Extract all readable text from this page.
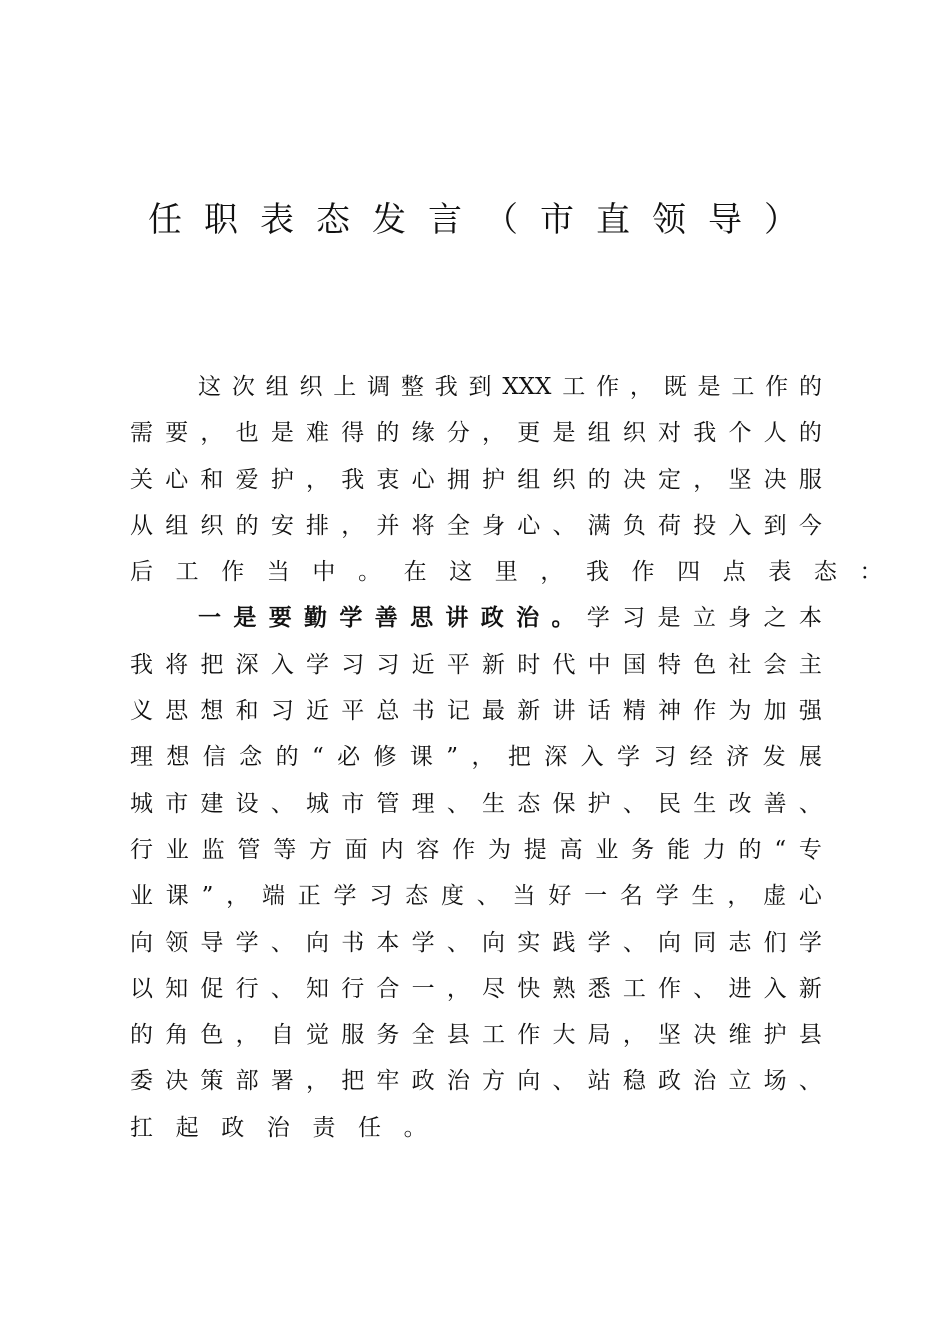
任职表态发言（市直领导）
这 次 组 织 上 调 整 我 到 XXX 工 作 ， 既 是 工 作 的
需 要 ， 也 是 难 得 的 缘 分 ， 更 是 组 织 对 我 个 人 的
关 心 和 爱 护 ， 我 衷 心 拥 护 组 织 的 决 定 ， 坚 决 服
从 组 织 的 安 排 ， 并 将 全 身 心 、 满 负 荷 投 入 到 今
后 工 作 当 中 。 在 这 里 ， 我 作 四 点 表 态 ：
一 是 要 勤 学 善 思 讲 政 治 。 学 习 是 立 身 之 本
我 将 把 深 入 学 习 习 近 平 新 时 代 中 国 特 色 社 会 主
义 思 想 和 习 近 平 总 书 记 最 新 讲 话 精 神 作 为 加 强
理 想 信 念 的 “ 必 修 课 ” ， 把 深 入 学 习 经 济 发 展
城 市 建 设 、 城 市 管 理 、 生 态 保 护 、 民 生 改 善 、
行 业 监 管 等 方 面 内 容 作 为 提 高 业 务 能 力 的 “ 专
业 课 ” ， 端 正 学 习 态 度 、 当 好 一 名 学 生 ， 虚 心
向 领 导 学 、 向 书 本 学 、 向 实 践 学 、 向 同 志 们 学
以 知 促 行 、 知 行 合 一 ， 尽 快 熟 悉 工 作 、 进 入 新
的 角 色 ， 自 觉 服 务 全 县 工 作 大 局 ， 坚 决 维 护 县
委 决 策 部 署 ， 把 牢 政 治 方 向 、 站 稳 政 治 立 场 、
扛 起 政 治 责 任 。
